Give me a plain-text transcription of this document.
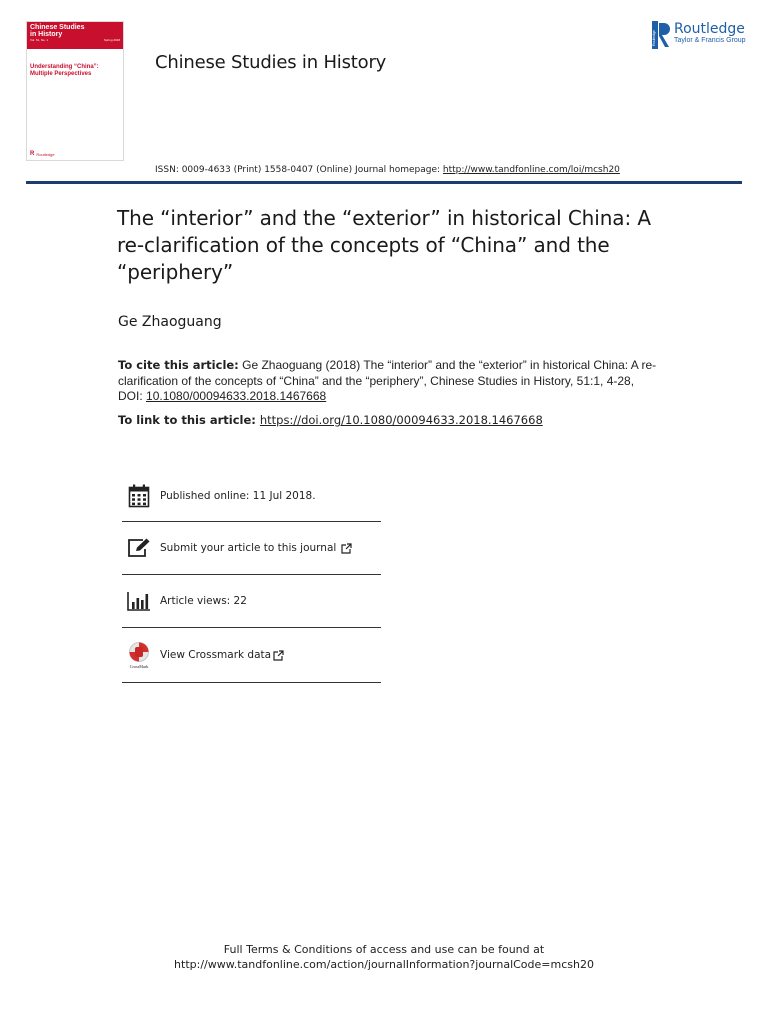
Chinese Studies
in History
Vol. 51, No. 1	Spring 2018
Understanding “China”:
Multiple Perspectives
R Routledge
Chinese Studies in History
Routledge
Routledge
Taylor & Francis Group
ISSN: 0009-4633 (Print) 1558-0407 (Online) Journal homepage: http://www.tandfonline.com/loi/mcsh20
The “interior” and the “exterior” in historical China: A re-clarification of the concepts of “China” and the “periphery”
Ge Zhaoguang
To cite this article: Ge Zhaoguang (2018) The “interior” and the “exterior” in historical China: A re-clarification of the concepts of “China” and the “periphery”, Chinese Studies in History, 51:1, 4-28, DOI: 10.1080/00094633.2018.1467668
To link to this article: https://doi.org/10.1080/00094633.2018.1467668
Published online: 11 Jul 2018.
Submit your article to this journal
Article views: 22
CrossMark
View Crossmark data
Full Terms & Conditions of access and use can be found at
http://www.tandfonline.com/action/journalInformation?journalCode=mcsh20
